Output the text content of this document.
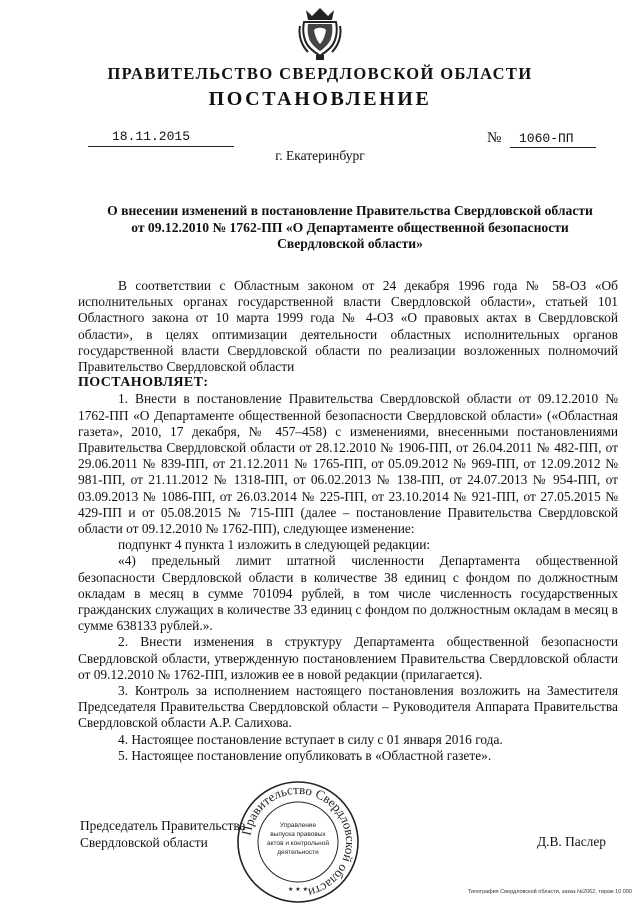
ПРАВИТЕЛЬСТВО СВЕРДЛОВСКОЙ ОБЛАСТИ
ПОСТАНОВЛЕНИЕ
18.11.2015	№ 1060-ПП
г. Екатеринбург
О внесении изменений в постановление Правительства Свердловской области
от 09.12.2010 № 1762-ПП «О Департаменте общественной безопасности
Свердловской области»

В соответствии с Областным законом от 24 декабря 1996 года № 58-ОЗ «Об исполнительных органах государственной власти Свердловской области», статьей 101 Областного закона от 10 марта 1999 года № 4-ОЗ «О правовых актах в Свердловской области», в целях оптимизации деятельности областных исполнительных органов государственной власти Свердловской области по реализации возложенных полномочий Правительство Свердловской области

ПОСТАНОВЛЯЕТ:

1. Внести в постановление Правительства Свердловской области от 09.12.2010 № 1762-ПП «О Департаменте общественной безопасности Свердловской области» («Областная газета», 2010, 17 декабря, № 457–458) с изменениями, внесенными постановлениями Правительства Свердловской области от 28.12.2010 № 1906-ПП, от 26.04.2011 № 482-ПП, от 29.06.2011 № 839-ПП, от 21.12.2011 № 1765-ПП, от 05.09.2012 № 969-ПП, от 12.09.2012 № 981-ПП, от 21.11.2012 № 1318-ПП, от 06.02.2013 № 138-ПП, от 24.07.2013 № 954-ПП, от 03.09.2013 № 1086-ПП, от 26.03.2014 № 225-ПП, от 23.10.2014 № 921-ПП, от 27.05.2015 № 429-ПП и от 05.08.2015 № 715-ПП (далее – постановление Правительства Свердловской области от 09.12.2010 № 1762-ПП), следующее изменение:

подпункт 4 пункта 1 изложить в следующей редакции:

«4) предельный лимит штатной численности Департамента общественной безопасности Свердловской области в количестве 38 единиц с фондом по должностным окладам в месяц в сумме 701094 рублей, в том числе численность государственных гражданских служащих в количестве 33 единиц с фондом по должностным окладам в месяц в сумме 638133 рублей.».

2. Внести изменения в структуру Департамента общественной безопасности Свердловской области, утвержденную постановлением Правительства Свердловской области от 09.12.2010 № 1762-ПП, изложив ее в новой редакции (прилагается).

3. Контроль за исполнением настоящего постановления возложить на Заместителя Председателя Правительства Свердловской области – Руководителя Аппарата Правительства Свердловской области А.Р. Салихова.

4. Настоящее постановление вступает в силу с 01 января 2016 года.

5. Настоящее постановление опубликовать в «Областной газете».

Правительство Свердловской области
Управление
выпуска правовых
актов и контрольной
деятельности
★ ★ ★
Председатель Правительства
Свердловской области	Д.В. Паслер
Типография Свердловской области, заказ №2062, тираж 10 000
